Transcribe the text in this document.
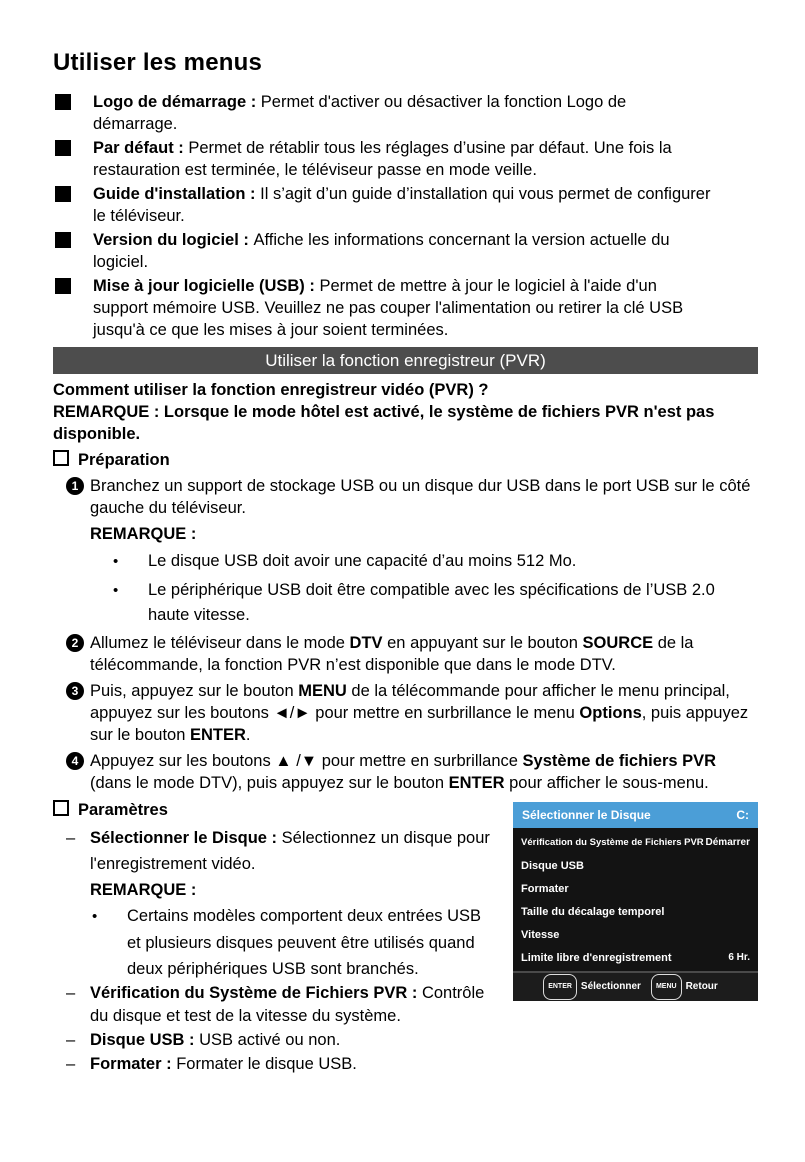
Utiliser les menus
Logo de démarrage : Permet d'activer ou désactiver la fonction Logo de démarrage.
Par défaut : Permet de rétablir tous les réglages d’usine par défaut. Une fois la restauration est terminée, le téléviseur passe en mode veille.
Guide d'installation : Il s’agit d’un guide d’installation qui vous permet de configurer le téléviseur.
Version du logiciel : Affiche les informations concernant la version actuelle du logiciel.
Mise à jour logicielle (USB) : Permet de mettre à jour le logiciel à l'aide d'un support mémoire USB. Veuillez ne pas couper l'alimentation ou retirer la clé USB jusqu'à ce que les mises à jour soient terminées.
Utiliser la fonction enregistreur (PVR)

Comment utiliser la fonction enregistreur vidéo (PVR) ?

REMARQUE : Lorsque le mode hôtel est activé, le système de fichiers PVR n'est pas disponible.

Préparation
1 Branchez un support de stockage USB ou un disque dur USB dans le port USB sur le côté gauche du téléviseur.
REMARQUE :
• Le disque USB doit avoir une capacité d’au moins 512 Mo.
• Le périphérique USB doit être compatible avec les spécifications de l’USB 2.0 haute vitesse.
2 Allumez le téléviseur dans le mode DTV en appuyant sur le bouton SOURCE de la télécommande, la fonction PVR n’est disponible que dans le mode DTV.
3 Puis, appuyez sur le bouton MENU de la télécommande pour afficher le menu principal, appuyez sur les boutons ◄/► pour mettre en surbrillance le menu Options, puis appuyez sur le bouton ENTER.
4 Appuyez sur les boutons ▲ /▼ pour mettre en surbrillance Système de fichiers PVR (dans le mode DTV), puis appuyez sur le bouton ENTER pour afficher le sous-menu.
Sélectionner le Disque	C:
Vérification du Système de Fichiers PVR Démarrer
Disque USB
Formater
Taille du décalage temporel
Vitesse
Limite libre d'enregistrement	6 Hr.
ENTER Sélectionner	MENU Retour
Paramètres
– Sélectionner le Disque : Sélectionnez un disque pour l'enregistrement vidéo.
REMARQUE :
• Certains modèles comportent deux entrées USB et plusieurs disques peuvent être utilisés quand deux périphériques USB sont branchés.
– Vérification du Système de Fichiers PVR : Contrôle du disque et test de la vitesse du système.
– Disque USB : USB activé ou non.
– Formater : Formater le disque USB.
